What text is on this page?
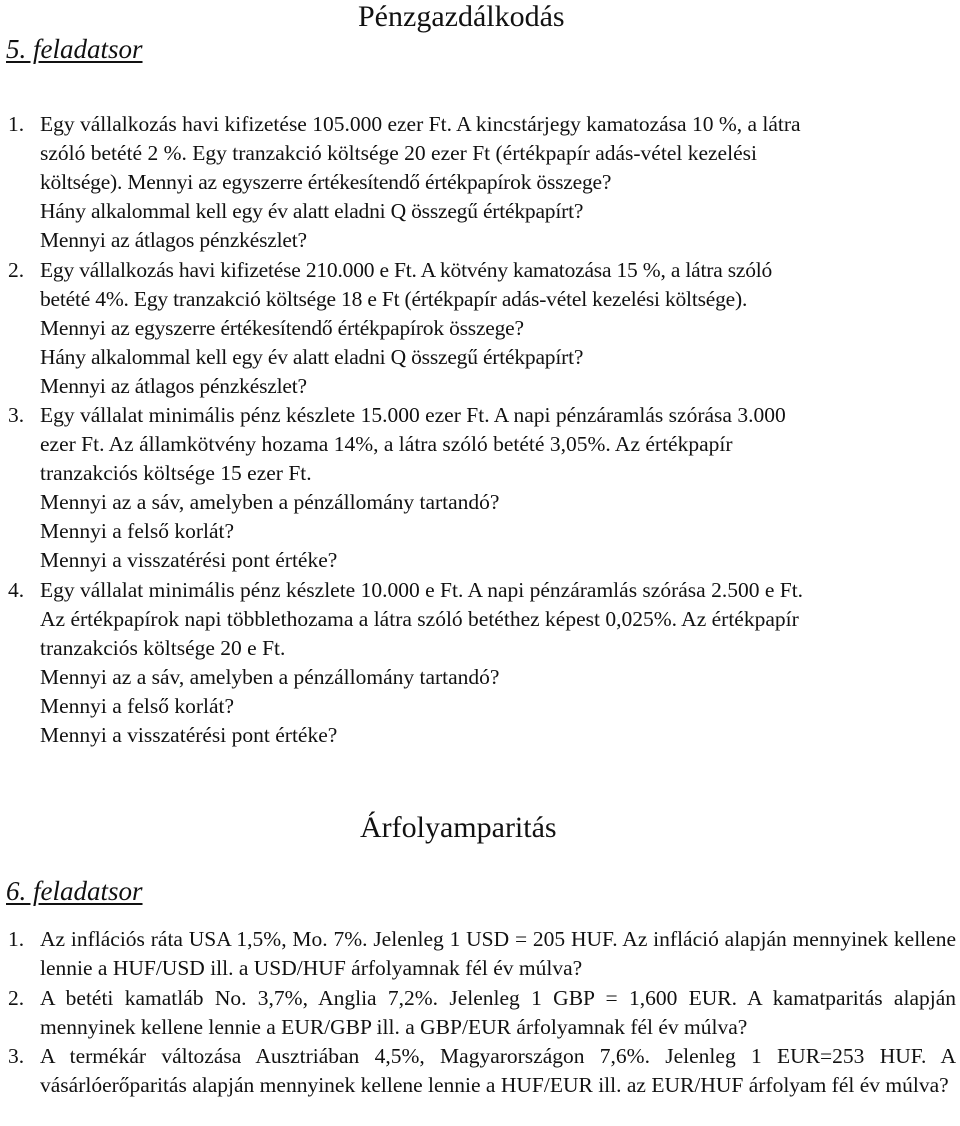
5. feladatsor
Pénzgazdálkodás
1. Egy vállalkozás havi kifizetése 105.000 ezer Ft. A kincstárjegy kamatozása 10 %, a látra
szóló betété 2 %. Egy tranzakció költsége 20 ezer Ft (értékpapír adás-vétel kezelési
költsége). Mennyi az egyszerre értékesítendő értékpapírok összege?
Hány alkalommal kell egy év alatt eladni Q összegű értékpapírt?
Mennyi az átlagos pénzkészlet?
2. Egy vállalkozás havi kifizetése 210.000 e Ft. A kötvény kamatozása 15 %, a látra szóló
betété 4%. Egy tranzakció költsége 18 e Ft (értékpapír adás-vétel kezelési költsége).
Mennyi az egyszerre értékesítendő értékpapírok összege?
Hány alkalommal kell egy év alatt eladni Q összegű értékpapírt?
Mennyi az átlagos pénzkészlet?
3. Egy vállalat minimális pénz készlete 15.000 ezer Ft. A napi pénzáramlás szórása 3.000
ezer Ft. Az államkötvény hozama 14%, a látra szóló betété 3,05%. Az értékpapír
tranzakciós költsége 15 ezer Ft.
Mennyi az a sáv, amelyben a pénzállomány tartandó?
Mennyi a felső korlát?
Mennyi a visszatérési pont értéke?
4. Egy vállalat minimális pénz készlete 10.000 e Ft. A napi pénzáramlás szórása 2.500 e Ft.
Az értékpapírok napi többlethozama a látra szóló betéthez képest 0,025%. Az értékpapír
tranzakciós költsége 20 e Ft.
Mennyi az a sáv, amelyben a pénzállomány tartandó?
Mennyi a felső korlát?
Mennyi a visszatérési pont értéke?
Árfolyamparitás
6. feladatsor
1. Az inflációs ráta USA 1,5%, Mo. 7%. Jelenleg 1 USD = 205 HUF. Az infláció alapján mennyinek kellene lennie a HUF/USD ill. a USD/HUF árfolyamnak fél év múlva?
2. A betéti kamatláb No. 3,7%, Anglia 7,2%. Jelenleg 1 GBP = 1,600 EUR. A kamatparitás alapján mennyinek kellene lennie a EUR/GBP ill. a GBP/EUR árfolyamnak fél év múlva?
3. A termékár változása Ausztriában 4,5%, Magyarországon 7,6%. Jelenleg 1 EUR=253 HUF. A vásárlóerőparitás alapján mennyinek kellene lennie a HUF/EUR ill. az EUR/HUF árfolyam fél év múlva?
